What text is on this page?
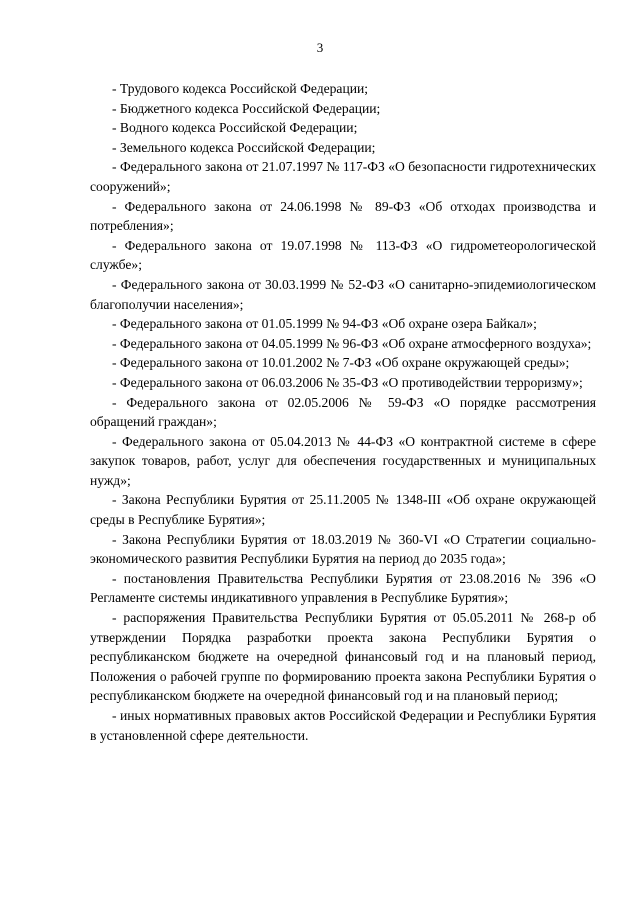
3

- Трудового кодекса Российской Федерации;

- Бюджетного кодекса Российской Федерации;

- Водного кодекса Российской Федерации;

- Земельного кодекса Российской Федерации;

- Федерального закона от 21.07.1997 № 117-ФЗ «О безопасности гидротехнических сооружений»;

- Федерального закона от 24.06.1998 № 89-ФЗ «Об отходах производства и потребления»;

- Федерального закона от 19.07.1998 № 113-ФЗ «О гидрометеорологической службе»;

- Федерального закона от 30.03.1999 № 52-ФЗ «О санитарно-эпидемиологическом благополучии населения»;

- Федерального закона от 01.05.1999 № 94-ФЗ «Об охране озера Байкал»;

- Федерального закона от 04.05.1999 № 96-ФЗ «Об охране атмосферного воздуха»;

- Федерального закона от 10.01.2002 № 7-ФЗ «Об охране окружающей среды»;

- Федерального закона от 06.03.2006 № 35-ФЗ «О противодействии терроризму»;

- Федерального закона от 02.05.2006 № 59-ФЗ «О порядке рассмотрения обращений граждан»;

- Федерального закона от 05.04.2013 № 44-ФЗ «О контрактной системе в сфере закупок товаров, работ, услуг для обеспечения государственных и муниципальных нужд»;

- Закона Республики Бурятия от 25.11.2005 № 1348-III «Об охране окружающей среды в Республике Бурятия»;

- Закона Республики Бурятия от 18.03.2019 № 360-VI «О Стратегии социально-экономического развития Республики Бурятия на период до 2035 года»;

- постановления Правительства Республики Бурятия от 23.08.2016 № 396 «О Регламенте системы индикативного управления в Республике Бурятия»;

- распоряжения Правительства Республики Бурятия от 05.05.2011 № 268-р об утверждении Порядка разработки проекта закона Республики Бурятия о республиканском бюджете на очередной финансовый год и на плановый период, Положения о рабочей группе по формированию проекта закона Республики Бурятия о республиканском бюджете на очередной финансовый год и на плановый период;

- иных нормативных правовых актов Российской Федерации и Республики Бурятия в установленной сфере деятельности.
